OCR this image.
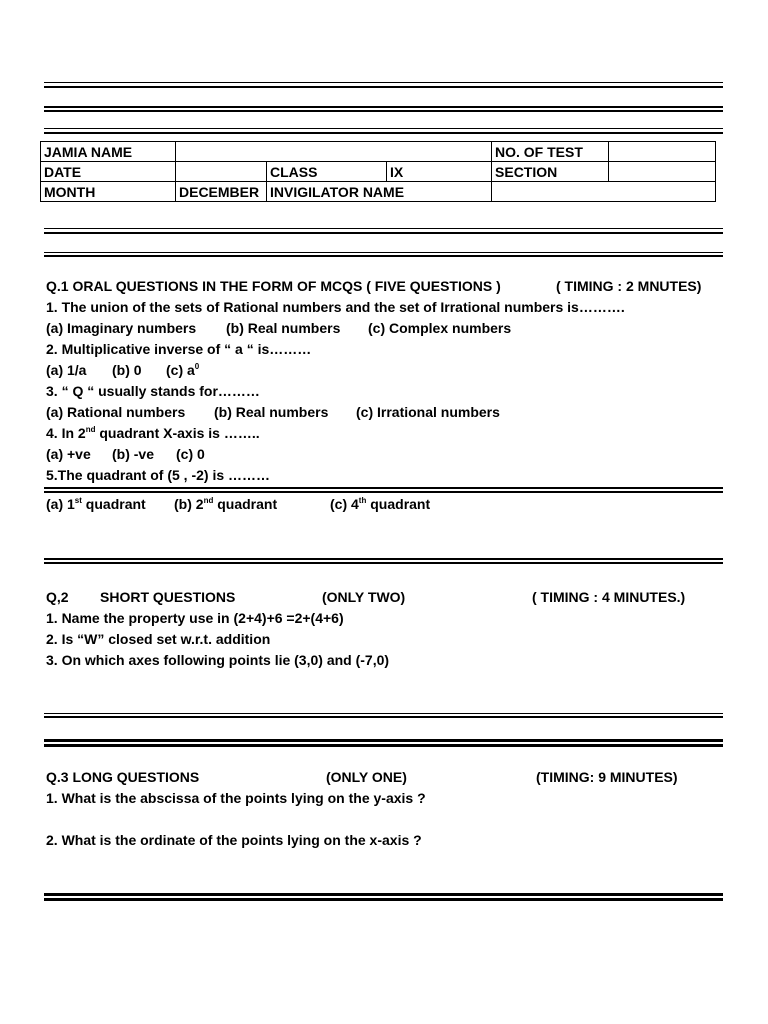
JAMIA NAME				NO. OF TEST	
DATE		CLASS	IX	SECTION	
MONTH	DECEMBER	INVIGILATOR NAME			
Q.1 ORAL QUESTIONS IN THE FORM OF MCQS ( FIVE QUESTIONS )	( TIMING : 2 MNUTES)
1. The union of the sets of Rational numbers and the set of Irrational numbers is……….
(a) Imaginary numbers (b) Real numbers (c) Complex numbers
2. Multiplicative inverse of “ a “ is………
(a) 1/a (b) 0 (c) $a^0$
3. “ Q “ usually stands for………
(a) Rational numbers (b) Real numbers (c) Irrational numbers
4. In 2nd quadrant X-axis is ……..
(a) +ve (b) -ve (c) 0
5.The quadrant of (5 , -2) is ………
(a) 1st quadrant (b) 2nd quadrant	(c) 4th quadrant
Q,2 SHORT QUESTIONS	(ONLY TWO)	( TIMING : 4 MINUTES.)
1. Name the property use in (2+4)+6 =2+(4+6)
2. Is “W” closed set w.r.t. addition
3. On which axes following points lie (3,0) and (-7,0)
Q.3 LONG QUESTIONS	(ONLY ONE)	(TIMING: 9 MINUTES)
1. What is the abscissa of the points lying on the y-axis ?
2. What is the ordinate of the points lying on the x-axis ?
